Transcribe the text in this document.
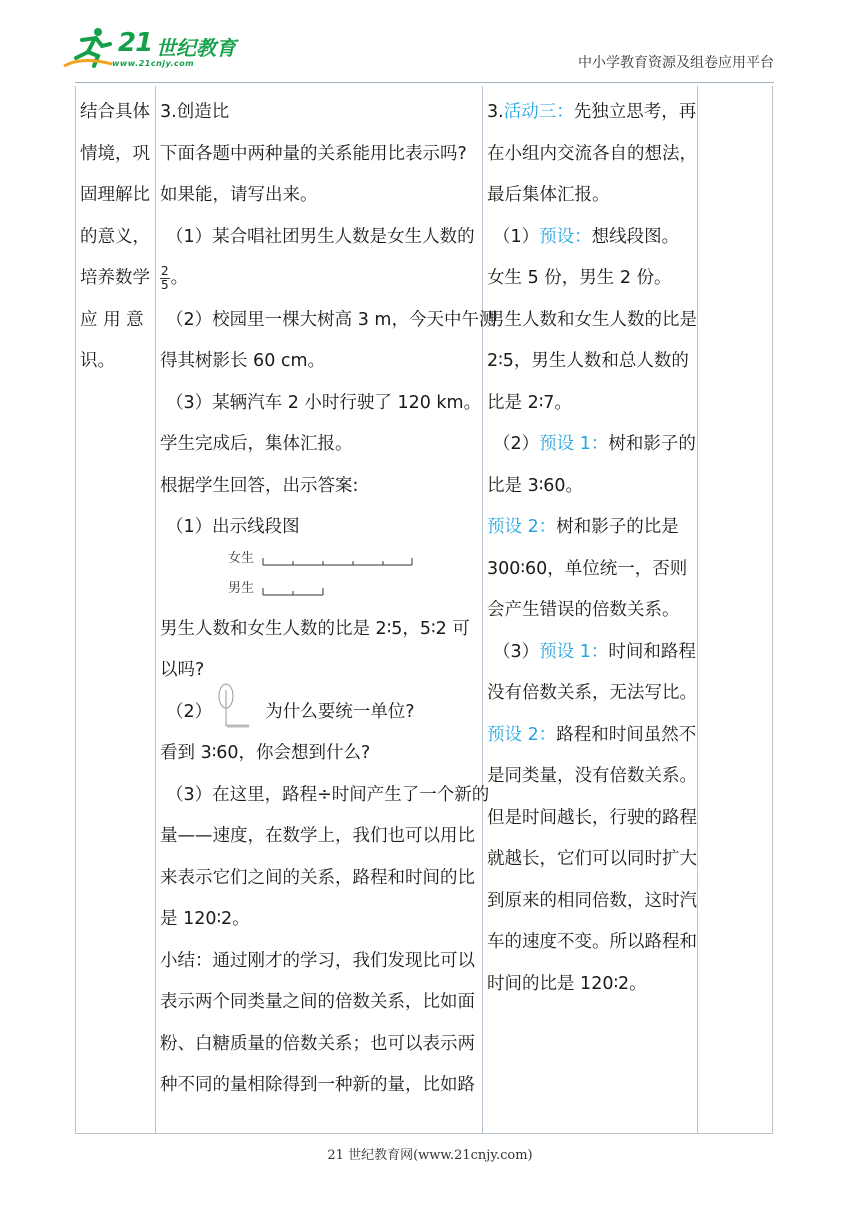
21 世纪教育
www.21cnjy.com	中小学教育资源及组卷应用平台

结合具体

情境，巩

固理解比

的意义，

培养数学

应 用 意

识。

3.创造比

下面各题中两种量的关系能用比表示吗?

如果能，请写出来。

（1）某合唱社团男生人数是女生人数的

$\frac{2}{5}$ 。

（2）校园里一棵大树高 3 m，今天中午测

得其树影长 60 cm。

（3）某辆汽车 2 小时行驶了 120 km。

学生完成后，集体汇报。

根据学生回答，出示答案:

（1）出示线段图

女生
男生

男生人数和女生人数的比是 2∶5，5∶2 可

以吗?

（2）	为什么要统一单位?

看到 3∶60，你会想到什么?

（3）在这里，路程÷时间产生了一个新的

量——速度，在数学上，我们也可以用比

来表示它们之间的关系，路程和时间的比

是 120∶2。

小结：通过刚才的学习，我们发现比可以

表示两个同类量之间的倍数关系，比如面

粉、白糖质量的倍数关系；也可以表示两

种不同的量相除得到一种新的量，比如路

3.活动三：先独立思考，再

在小组内交流各自的想法，

最后集体汇报。

（1）预设：想线段图。

女生 5 份，男生 2 份。

男生人数和女生人数的比是

2∶5，男生人数和总人数的

比是 2∶7。

（2）预设 1：树和影子的

比是 3∶60。

预设 2：树和影子的比是

300∶60，单位统一，否则

会产生错误的倍数关系。

（3）预设 1：时间和路程

没有倍数关系，无法写比。

预设 2：路程和时间虽然不

是同类量，没有倍数关系。

但是时间越长，行驶的路程

就越长，它们可以同时扩大

到原来的相同倍数，这时汽

车的速度不变。所以路程和

时间的比是 120∶2。

21 世纪教育网(www.21cnjy.com)
